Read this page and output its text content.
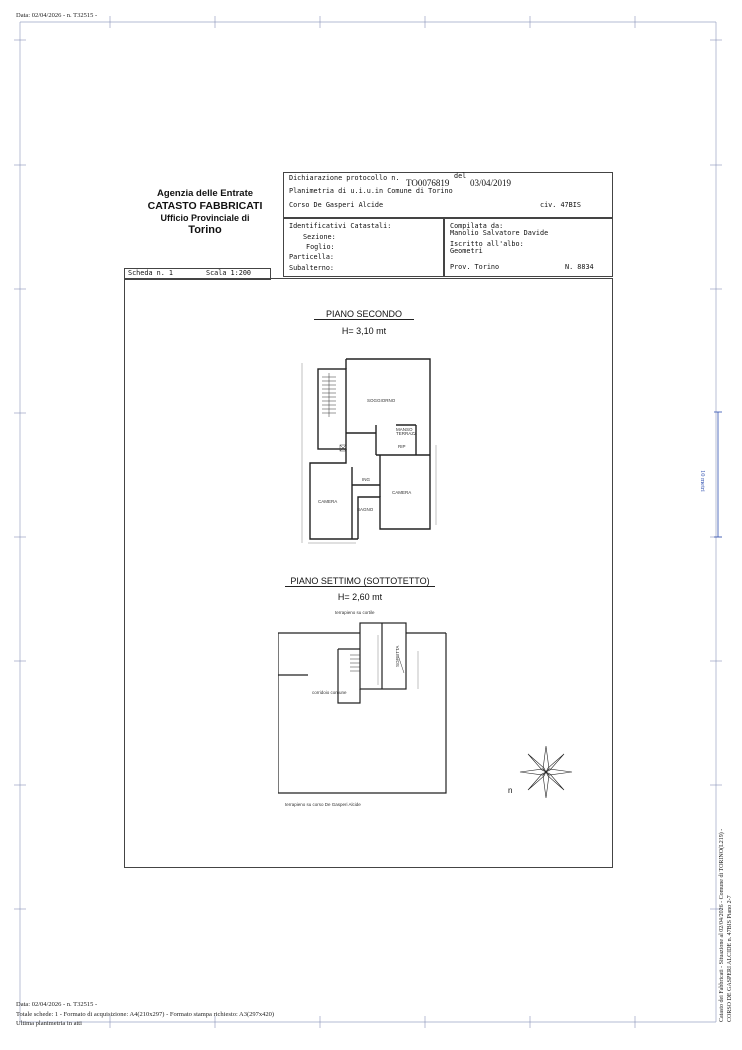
Data: 02/04/2026 - n. T32515 -
10 metri
Agenzia delle Entrate
CATASTO FABBRICATI
Ufficio Provinciale di
Torino
Dichiarazione protocollo n. TO0076819
del
03/04/2019
Planimetria di u.i.u.in Comune di Torino
Corso De Gasperi Alcide	civ. 47BIS
Identificativi Catastali:
Sezione:
Foglio:
Particella:
Subalterno:
Compilata da:
Manolio Salvatore Davide
Iscritto all'albo:
Geometri
Prov. Torino	N. 8834
Scheda n. 1	Scala 1:200
PIANO SECONDO
H= 3,10 mt
SOGGIORNO
MANSO TERRAZZ
RIP
ING
CAMERA
CAMERA
BAGNO
PIANO SETTIMO (SOTTOTETTO)
H= 2,60 mt
terrapieno su cortile
corridoio comune
SOFFITTA
terrapieno su corso De Gasperi Alcide
n
Catasto dei Fabbricati - Situazione al 02/04/2026 - Comune di TORINO(L219) - CORSO DE GASPERI ALCIDE n. 47BIS Piano 2-7
Data: 02/04/2026 - n. T32515 -
Totale schede: 1 - Formato di acquisizione: A4(210x297) - Formato stampa richiesto: A3(297x420)
Ultima planimetria in atti
